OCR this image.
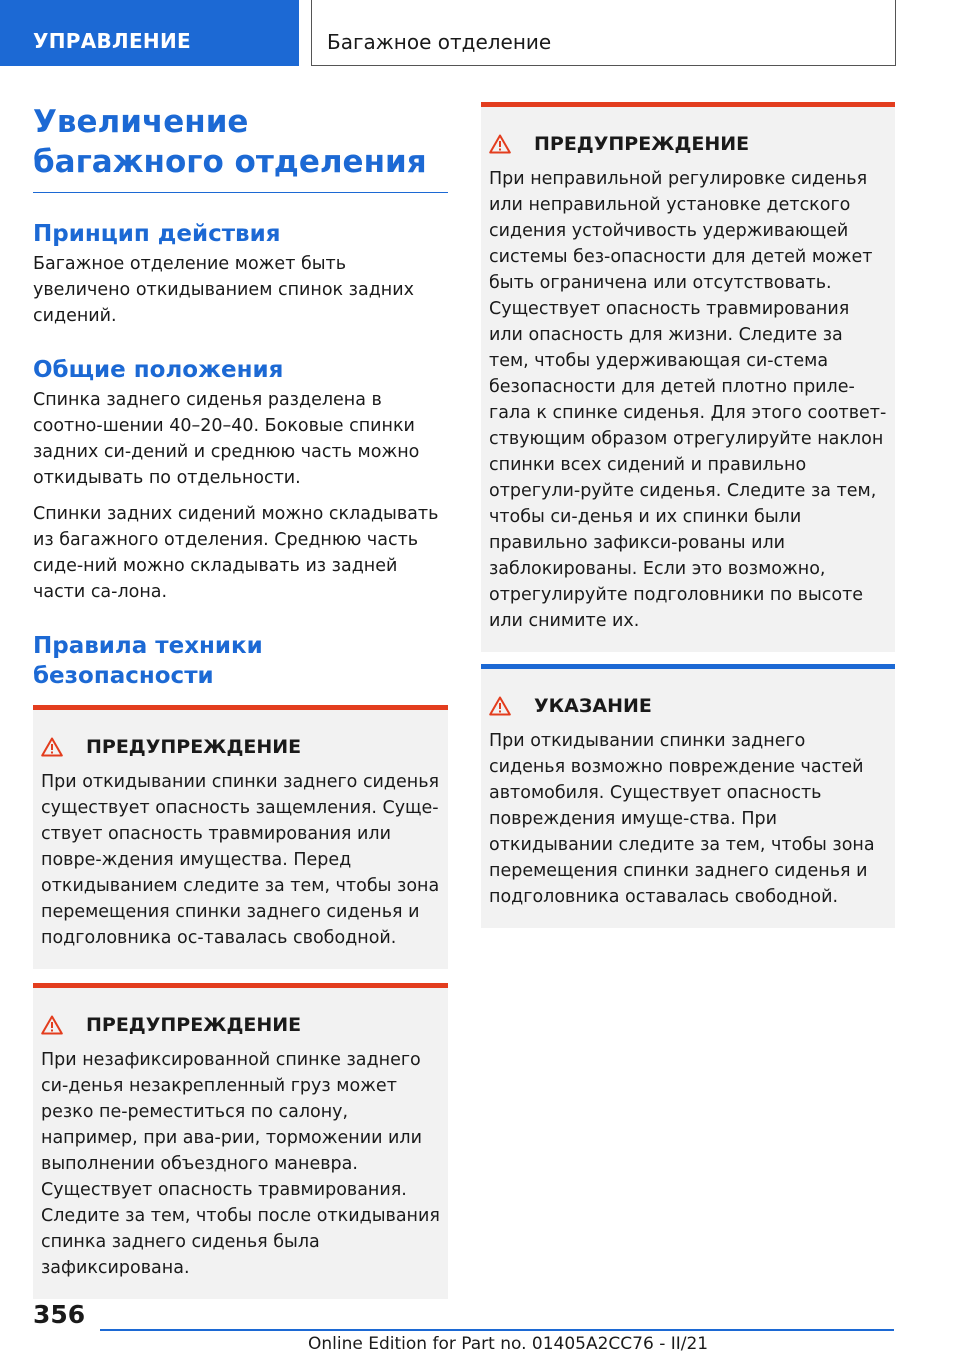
УПРАВЛЕНИЕ	Багажное отделение
Увеличение багажного отделения
Принцип действия

Багажное отделение может быть увеличено откидыванием спинок задних сидений.

Общие положения

Спинка заднего сиденья разделена в соотно-шении 40–20–40. Боковые спинки задних си-дений и среднюю часть можно откидывать по отдельности.

Спинки задних сидений можно складывать из багажного отделения. Среднюю часть сиде-ний можно складывать из задней части са-лона.

Правила техники безопасности
ПРЕДУПРЕЖДЕНИЕ

При откидывании спинки заднего сиденья существует опасность защемления. Суще-ствует опасность травмирования или повре-ждения имущества. Перед откидыванием следите за тем, чтобы зона перемещения спинки заднего сиденья и подголовника ос-тавалась свободной.

ПРЕДУПРЕЖДЕНИЕ

При незафиксированной спинке заднего си-денья незакрепленный груз может резко пе-реместиться по салону, например, при ава-рии, торможении или выполнении объездного маневра. Существует опасность травмирования. Следите за тем, чтобы после откидывания спинка заднего сиденья была зафиксирована.

ПРЕДУПРЕЖДЕНИЕ

При неправильной регулировке сиденья или неправильной установке детского сидения устойчивость удерживающей системы без-опасности для детей может быть ограничена или отсутствовать. Существует опасность травмирования или опасность для жизни. Следите за тем, чтобы удерживающая си-стема безопасности для детей плотно приле-гала к спинке сиденья. Для этого соответ-ствующим образом отрегулируйте наклон спинки всех сидений и правильно отрегули-руйте сиденья. Следите за тем, чтобы си-денья и их спинки были правильно зафикси-рованы или заблокированы. Если это возможно, отрегулируйте подголовники по высоте или снимите их.

УКАЗАНИЕ

При откидывании спинки заднего сиденья возможно повреждение частей автомобиля. Существует опасность повреждения имуще-ства. При откидывании следите за тем, чтобы зона перемещения спинки заднего сиденья и подголовника оставалась свободной.

356
Online Edition for Part no. 01405A2CC76 - II/21
